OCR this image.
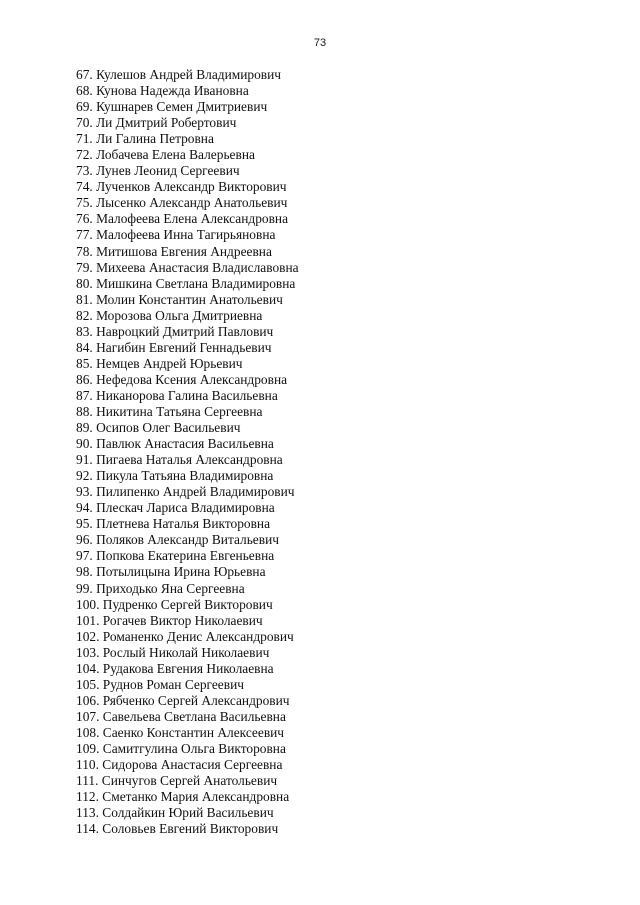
73
67. Кулешов Андрей Владимирович
68. Кунова Надежда Ивановна
69. Кушнарев Семен Дмитриевич
70. Ли Дмитрий Робертович
71. Ли Галина Петровна
72. Лобачева Елена Валерьевна
73. Лунев Леонид Сергеевич
74. Лученков Александр Викторович
75. Лысенко Александр Анатольевич
76. Малофеева Елена Александровна
77. Малофеева Инна Тагирьяновна
78. Митишова Евгения Андреевна
79. Михеева Анастасия Владиславовна
80. Мишкина Светлана Владимировна
81. Молин Константин Анатольевич
82. Морозова Ольга Дмитриевна
83. Навроцкий Дмитрий Павлович
84. Нагибин Евгений Геннадьевич
85. Немцев Андрей Юрьевич
86. Нефедова Ксения Александровна
87. Никанорова Галина Васильевна
88. Никитина Татьяна Сергеевна
89. Осипов Олег Васильевич
90. Павлюк Анастасия Васильевна
91. Пигаева Наталья Александровна
92. Пикула Татьяна Владимировна
93. Пилипенко Андрей Владимирович
94. Плескач Лариса Владимировна
95. Плетнева Наталья Викторовна
96. Поляков Александр Витальевич
97. Попкова Екатерина Евгеньевна
98. Потылицына Ирина Юрьевна
99. Приходько Яна Сергеевна
100. Пудренко Сергей Викторович
101. Рогачев Виктор Николаевич
102. Романенко Денис Александрович
103. Рослый Николай Николаевич
104. Рудакова Евгения Николаевна
105. Руднов Роман Сергеевич
106. Рябченко Сергей Александрович
107. Савельева Светлана Васильевна
108. Саенко Константин Алексеевич
109. Самитгулина Ольга Викторовна
110. Сидорова Анастасия Сергеевна
111. Синчугов Сергей Анатольевич
112. Сметанко Мария Александровна
113. Солдайкин Юрий Васильевич
114. Соловьев Евгений Викторович
